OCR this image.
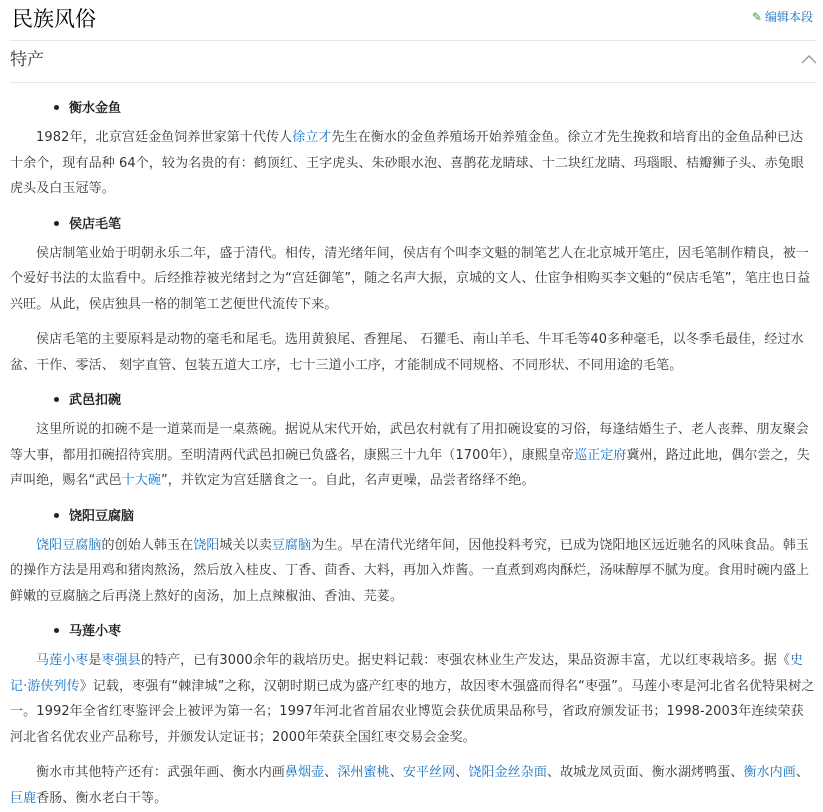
民族风俗	✎ 编辑本段
特产
衡水金鱼

1982年，北京宫廷金鱼饲养世家第十代传人徐立才先生在衡水的金鱼养殖场开始养殖金鱼。徐立才先生挽救和培育出的金鱼品种已达十余个，现有品种 64个，较为名贵的有：鹤顶红、王字虎头、朱砂眼水泡、喜鹊花龙睛球、十二块红龙睛、玛瑙眼、桔瓣狮子头、赤兔眼虎头及白玉冠等。

侯店毛笔

侯店制笔业始于明朝永乐二年，盛于清代。相传，清光绪年间，侯店有个叫李文魁的制笔艺人在北京城开笔庄，因毛笔制作精良，被一个爱好书法的太监看中。后经推荐被光绪封之为“宫廷御笔”，随之名声大振，京城的文人、仕宦争相购买李文魁的“侯店毛笔”，笔庄也日益兴旺。从此，侯店独具一格的制笔工艺便世代流传下来。

侯店毛笔的主要原料是动物的毫毛和尾毛。选用黄狼尾、香狸尾、 石獾毛、南山羊毛、牛耳毛等40多种毫毛，以冬季毛最佳，经过水盆、干作、零活、 刻字直管、包装五道大工序，七十三道小工序，才能制成不同规格、不同形状、不同用途的毛笔。

武邑扣碗

这里所说的扣碗不是一道菜而是一桌蒸碗。据说从宋代开始，武邑农村就有了用扣碗设宴的习俗，每逢结婚生子、老人丧葬、朋友聚会等大事，都用扣碗招待宾朋。至明清两代武邑扣碗已负盛名，康熙三十九年（1700年），康熙皇帝巡正定府冀州，路过此地，偶尔尝之，失声叫绝，赐名“武邑十大碗”，并钦定为宫廷膳食之一。自此，名声更噪，品尝者络绎不绝。

饶阳豆腐脑

饶阳豆腐脑的创始人韩玉在饶阳城关以卖豆腐脑为生。早在清代光绪年间，因他投料考究，已成为饶阳地区远近驰名的风味食品。韩玉的操作方法是用鸡和猪肉熬汤，然后放入桂皮、丁香、茴香、大料，再加入炸酱。一直煮到鸡肉酥烂，汤味醇厚不腻为度。食用时碗内盛上鲜嫩的豆腐脑之后再浇上熬好的卤汤，加上点辣椒油、香油、芫荽。

马莲小枣

马莲小枣是枣强县的特产，已有3000余年的栽培历史。据史料记载：枣强农林业生产发达，果品资源丰富，尤以红枣栽培多。据《史记·游侠列传》记载，枣强有“棘津城”之称，汉朝时期已成为盛产红枣的地方，故因枣木强盛而得名“枣强”。马莲小枣是河北省名优特果树之一。1992年全省红枣鉴评会上被评为第一名；1997年河北省首届农业博览会获优质果品称号，省政府颁发证书；1998-2003年连续荣获河北省名优农业产品称号，并颁发认定证书；2000年荣获全国红枣交易会金奖。

衡水市其他特产还有：武强年画、衡水内画鼻烟壶、深州蜜桃、安平丝网、饶阳金丝杂面、故城龙凤贡面、衡水湖烤鸭蛋、衡水内画、巨鹿香肠、衡水老白干等。
